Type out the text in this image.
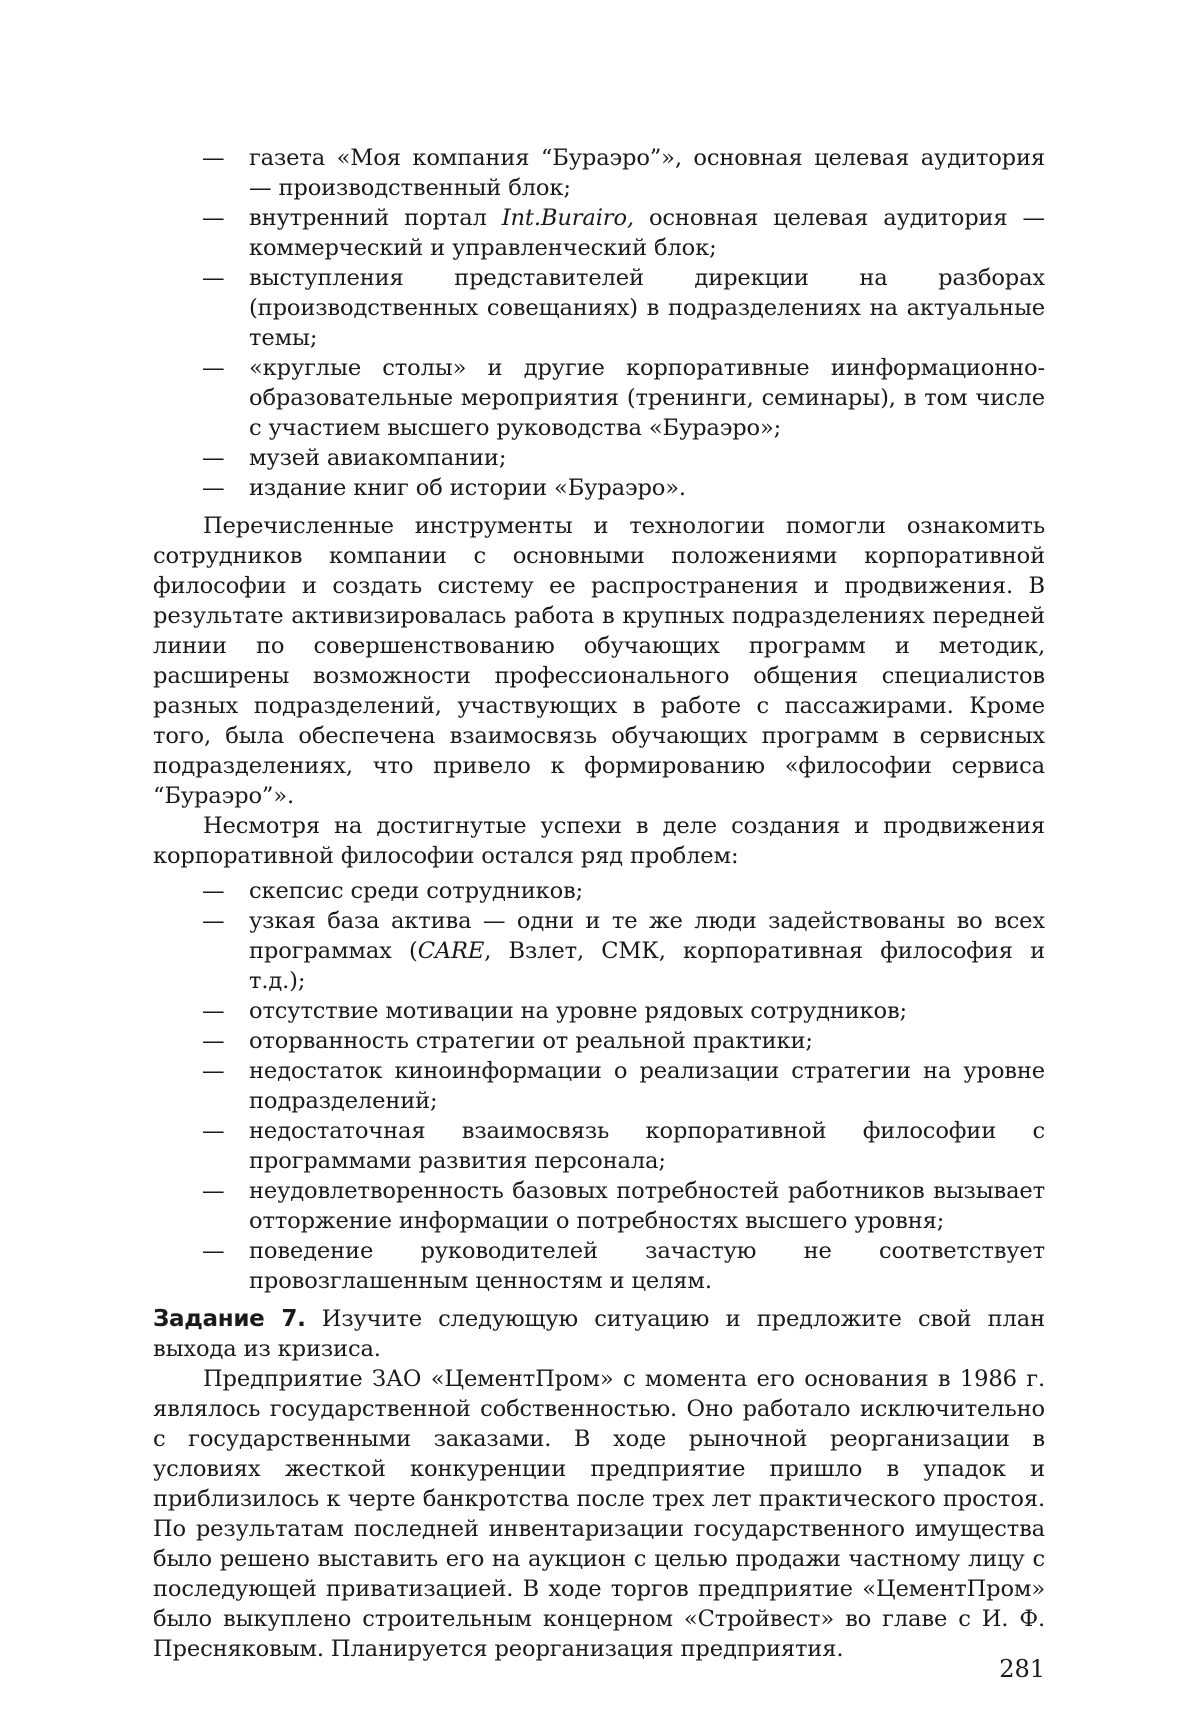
— газета «Моя компания “Бураэро”», основная целевая аудитория — производственный блок;
— внутренний портал Int.Burairo, основная целевая аудитория — коммерческий и управленческий блок;
— выступления представителей дирекции на разборах (производственных совещаниях) в подразделениях на актуальные темы;
— «круглые столы» и другие корпоративные иинформационно-образовательные мероприятия (тренинги, семинары), в том числе с участием высшего руководства «Бураэро»;
— музей авиакомпании;
— издание книг об истории «Бураэро».

Перечисленные инструменты и технологии помогли ознакомить сотрудников компании с основными положениями корпоративной философии и создать систему ее распространения и продвижения. В результате активизировалась работа в крупных подразделениях передней линии по совершенствованию обучающих программ и методик, расширены возможности профессионального общения специалистов разных подразделений, участвующих в работе с пассажирами. Кроме того, была обеспечена взаимосвязь обучающих программ в сервисных подразделениях, что привело к формированию «философии сервиса “Бураэро”».

Несмотря на достигнутые успехи в деле создания и продвижения корпоративной философии остался ряд проблем:

— скепсис среди сотрудников;
— узкая база актива — одни и те же люди задействованы во всех программах (CARE, Взлет, СМК, корпоративная философия и т.д.);
— отсутствие мотивации на уровне рядовых сотрудников;
— оторванность стратегии от реальной практики;
— недостаток киноинформации о реализации стратегии на уровне подразделений;
— недостаточная взаимосвязь корпоративной философии с программами развития персонала;
— неудовлетворенность базовых потребностей работников вызывает отторжение информации о потребностях высшего уровня;
— поведение руководителей зачастую не соответствует провозглашенным ценностям и целям.
Задание 7. Изучите следующую ситуацию и предложите свой план выхода из кризиса.

Предприятие ЗАО «ЦементПром» с момента его основания в 1986 г. являлось государственной собственностью. Оно работало исключительно с государственными заказами. В ходе рыночной реорганизации в условиях жесткой конкуренции предприятие пришло в упадок и приблизилось к черте банкротства после трех лет практического простоя. По результатам последней инвентаризации государственного имущества было решено выставить его на аукцион с целью продажи частному лицу с последующей приватизацией. В ходе торгов предприятие «ЦементПром» было выкуплено строительным концерном «Стройвест» во главе с И. Ф. Пресняковым. Планируется реорганизация предприятия.

281
